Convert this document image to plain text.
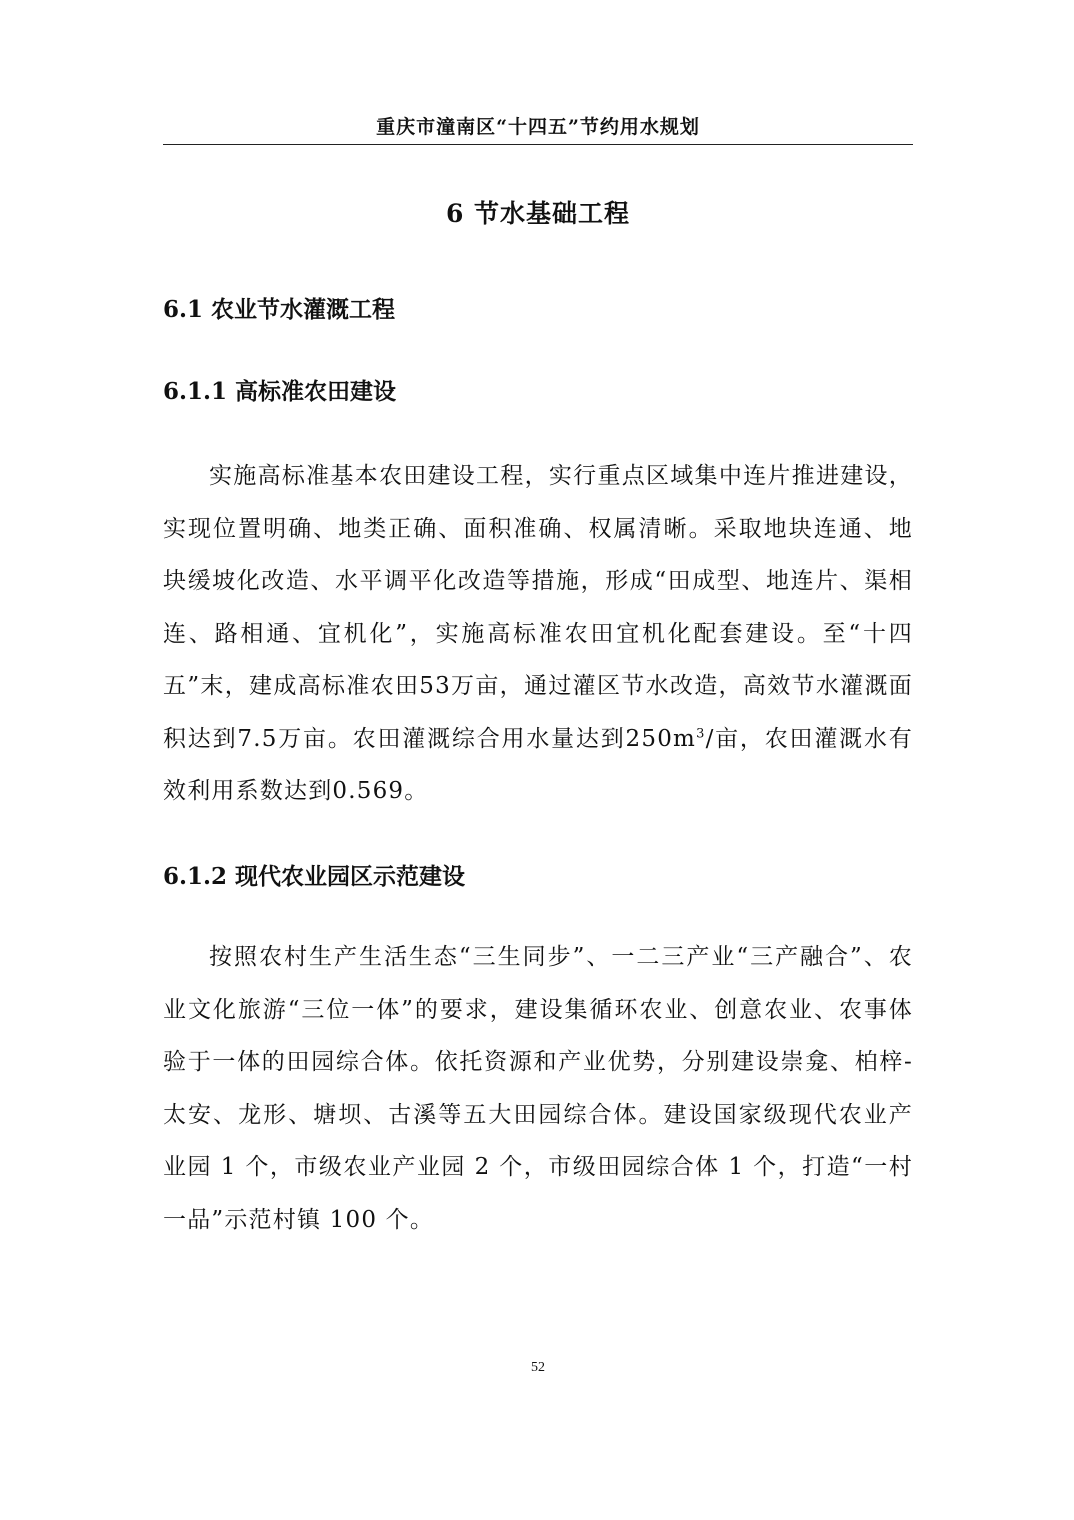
重庆市潼南区“十四五”节约用水规划
6 节水基础工程
6.1 农业节水灌溉工程
6.1.1 高标准农田建设

实施高标准基本农田建设工程，实行重点区域集中连片推进建设，实现位置明确、地类正确、面积准确、权属清晰。采取地块连通、地块缓坡化改造、水平调平化改造等措施，形成“田成型、地连片、渠相连、路相通、宜机化”，实施高标准农田宜机化配套建设。至“十四五”末，建成高标准农田53万亩，通过灌区节水改造，高效节水灌溉面积达到7.5万亩。农田灌溉综合用水量达到$250m^3/$亩，农田灌溉水有效利用系数达到0.569。

6.1.2 现代农业园区示范建设

按照农村生产生活生态“三生同步”、一二三产业“三产融合”、农业文化旅游“三位一体”的要求，建设集循环农业、创意农业、农事体验于一体的田园综合体。依托资源和产业优势，分别建设崇龛、柏梓-太安、龙形、塘坝、古溪等五大田园综合体。建设国家级现代农业产业园 1 个，市级农业产业园 2 个，市级田园综合体 1 个，打造“一村一品”示范村镇 100 个。

52
